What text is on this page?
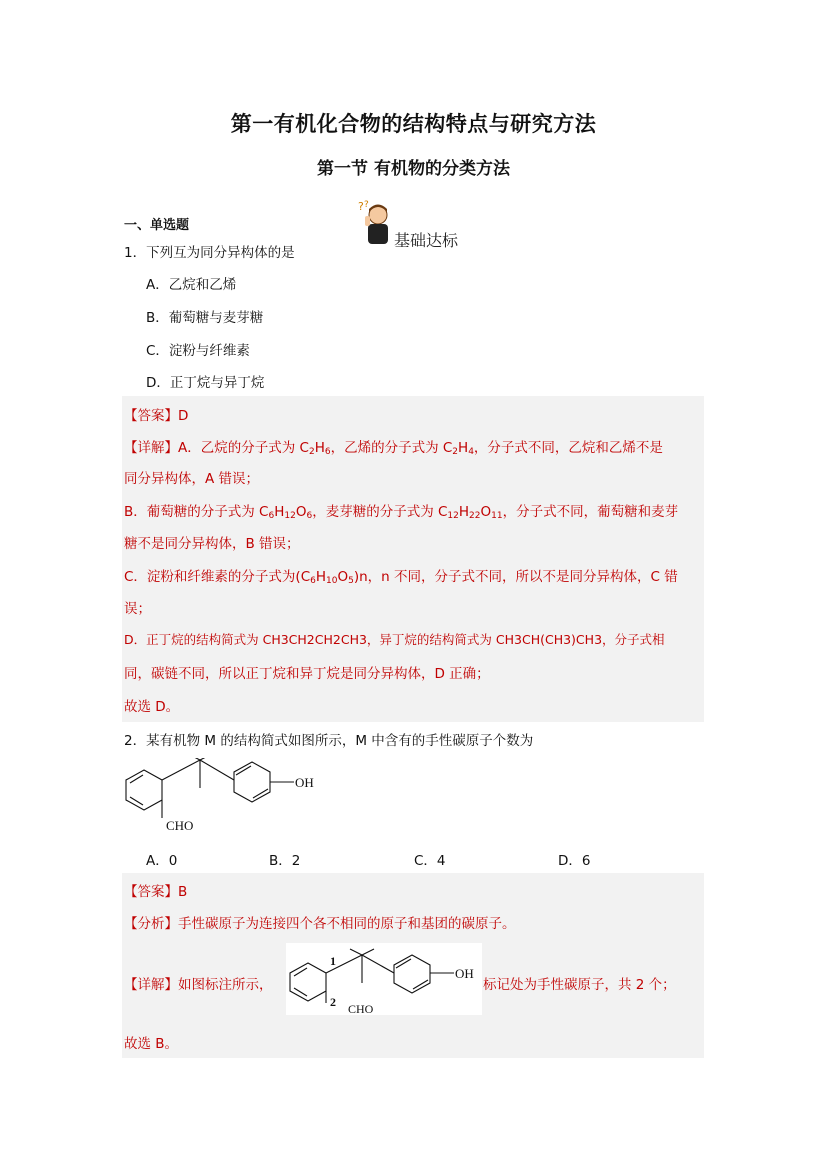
第一有机化合物的结构特点与研究方法
第一节 有机物的分类方法
一、单选题
? ?
基础达标
1．下列互为同分异构体的是
A．乙烷和乙烯
B．葡萄糖与麦芽糖
C．淀粉与纤维素
D．正丁烷与异丁烷
【答案】D
【详解】A．乙烷的分子式为 $C_2H_6$，乙烯的分子式为 $C_2H_4$，分子式不同，乙烷和乙烯不是
同分异构体，A 错误；
B．葡萄糖的分子式为 $C_6H_{12}O_6$，麦芽糖的分子式为 $C_{12}H_{22}O_{11}$，分子式不同，葡萄糖和麦芽
糖不是同分异构体，B 错误；
C．淀粉和纤维素的分子式为$(C_6H_{10}O_5)n$，n 不同，分子式不同，所以不是同分异构体，C 错
误；
D．正丁烷的结构简式为 CH3CH2CH2CH3，异丁烷的结构简式为 CH3CH(CH3)CH3，分子式相
同，碳链不同，所以正丁烷和异丁烷是同分异构体，D 正确；
故选 D。
2．某有机物 M 的结构简式如图所示，M 中含有的手性碳原子个数为
OH
CHO
A．0	B．2	C．4	D．6
【答案】B
【分析】手性碳原子为连接四个各不相同的原子和基团的碳原子。
【详解】如图标注所示，
1
2
OH
CHO
标记处为手性碳原子，共 2 个；
故选 B。
